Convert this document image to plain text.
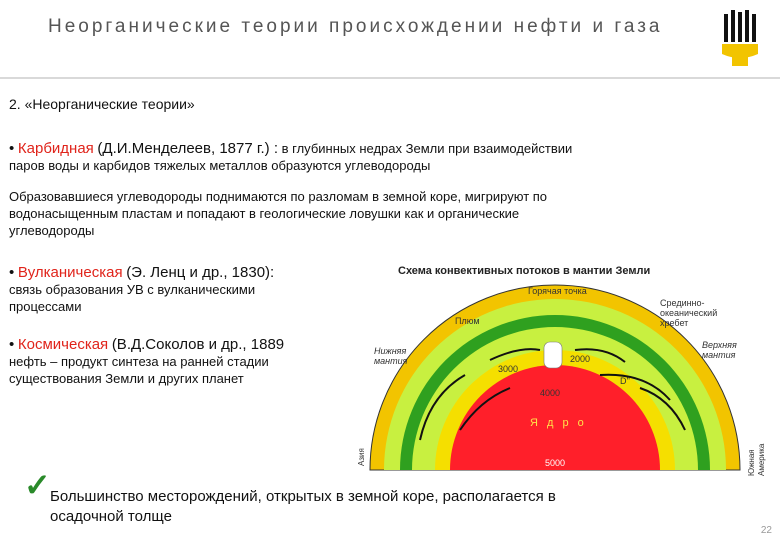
Неорганические теории происхождении нефти и газа
2. «Неорганические теории»
• Карбидная (Д.И.Менделеев, 1877 г.) : в глубинных недрах Земли при взаимодействии
паров воды и карбидов тяжелых металлов образуются углеводороды
Образовавшиеся углеводороды поднимаются по разломам в земной коре, мигрируют по
водонасыщенным пластам и попадают в геологические ловушки как и органические
углеводороды
• Вулканическая (Э. Ленц и др., 1830):
связь образования УВ с вулканическими
процессами
• Космическая (В.Д.Соколов и др., 1889
нефть – продукт синтеза на ранней стадии
существования Земли и других планет
Схема конвективных потоков в мантии Земли
Горячая точка
Плюм
Срединно-
океанический
хребет
Нижняя
мантия
Верхняя
мантия
2000
3000
4000
5000
D''
Я д р о
Азия	Южная Америка
✓ Большинство месторождений, открытых в земной коре, располагается в
осадочной толще
22
